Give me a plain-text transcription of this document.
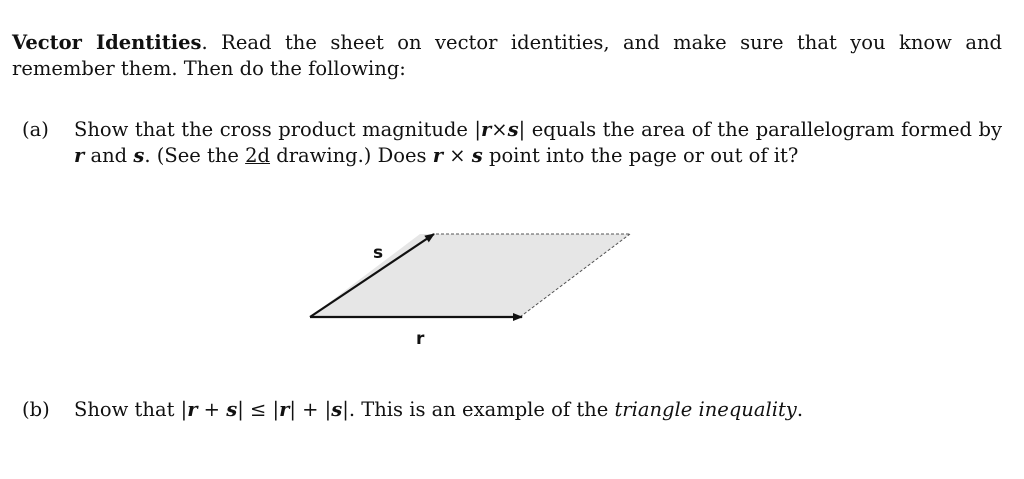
Vector Identities. Read the sheet on vector identities, and make sure that you know and remember them. Then do the following:
(a) Show that the cross product magnitude |r×s| equals the area of the parallelogram formed by r and s. (See the 2d drawing.) Does r × s point into the page or out of it?
s
r
(b) Show that |r + s| ≤ |r| + |s|. This is an example of the triangle inequality.
